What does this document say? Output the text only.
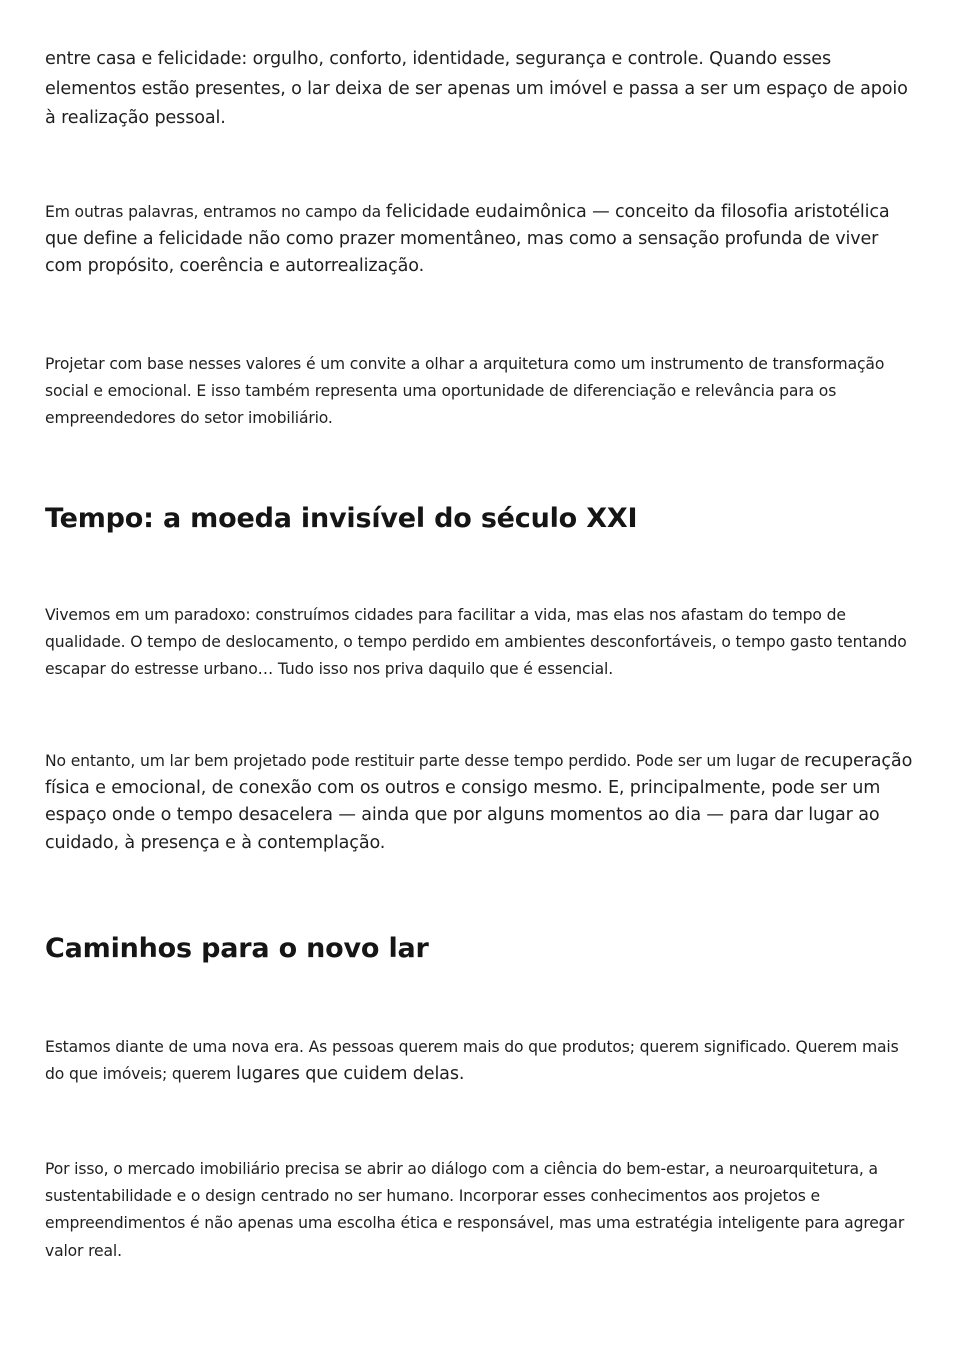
entre casa e felicidade: orgulho, conforto, identidade, segurança e controle. Quando esses elementos estão presentes, o lar deixa de ser apenas um imóvel e passa a ser um espaço de apoio à realização pessoal.

Em outras palavras, entramos no campo da felicidade eudaimônica — conceito da filosofia aristotélica que define a felicidade não como prazer momentâneo, mas como a sensação profunda de viver com propósito, coerência e autorrealização.

Projetar com base nesses valores é um convite a olhar a arquitetura como um instrumento de transformação social e emocional. E isso também representa uma oportunidade de diferenciação e relevância para os empreendedores do setor imobiliário.

Tempo: a moeda invisível do século XXI

Vivemos em um paradoxo: construímos cidades para facilitar a vida, mas elas nos afastam do tempo de qualidade. O tempo de deslocamento, o tempo perdido em ambientes desconfortáveis, o tempo gasto tentando escapar do estresse urbano… Tudo isso nos priva daquilo que é essencial.

No entanto, um lar bem projetado pode restituir parte desse tempo perdido. Pode ser um lugar de recuperação física e emocional, de conexão com os outros e consigo mesmo. E, principalmente, pode ser um espaço onde o tempo desacelera — ainda que por alguns momentos ao dia — para dar lugar ao cuidado, à presença e à contemplação.

Caminhos para o novo lar

Estamos diante de uma nova era. As pessoas querem mais do que produtos; querem significado. Querem mais do que imóveis; querem lugares que cuidem delas.

Por isso, o mercado imobiliário precisa se abrir ao diálogo com a ciência do bem-estar, a neuroarquitetura, a sustentabilidade e o design centrado no ser humano. Incorporar esses conhecimentos aos projetos e empreendimentos é não apenas uma escolha ética e responsável, mas uma estratégia inteligente para agregar valor real.
